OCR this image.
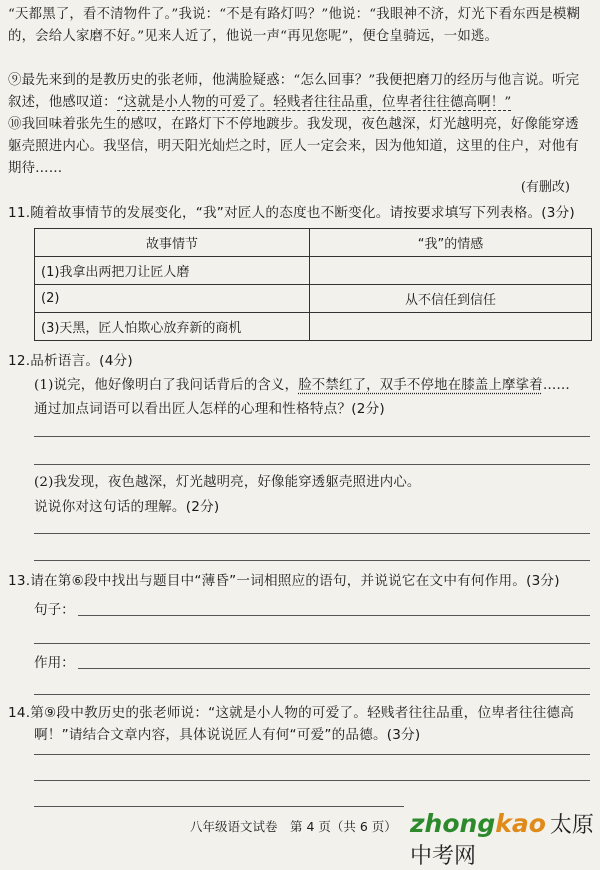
“天都黑了，看不清物件了。”我说：“不是有路灯吗？”他说：“我眼神不济，灯光下看东西是模糊的，会给人家磨不好。”见来人近了，他说一声“再见您呢”，便仓皇骑远，一如逃。
⑨最先来到的是教历史的张老师，他满脸疑惑：“怎么回事？”我便把磨刀的经历与他言说。听完叙述，他感叹道：“这就是小人物的可爱了。轻贱者往往品重，位卑者往往德高啊！”
⑩我回味着张先生的感叹，在路灯下不停地踱步。我发现，夜色越深，灯光越明亮，好像能穿透躯壳照进内心。我坚信，明天阳光灿烂之时，匠人一定会来，因为他知道，这里的住户，对他有期待……
(有删改)
11.随着故事情节的发展变化，“我”对匠人的态度也不断变化。请按要求填写下列表格。(3分)
故事情节	“我”的情感
(1)我拿出两把刀让匠人磨	
(2)	从不信任到信任
(3)天黑，匠人怕欺心放弃新的商机	
12.品析语言。(4分)
(1)说完，他好像明白了我问话背后的含义，脸不禁红了，双手不停地在膝盖上摩挲着……
通过加点词语可以看出匠人怎样的心理和性格特点？(2分)
(2)我发现，夜色越深，灯光越明亮，好像能穿透躯壳照进内心。
说说你对这句话的理解。(2分)
13.请在第⑥段中找出与题目中“薄昏”一词相照应的语句，并说说它在文中有何作用。(3分)
句子：
作用：
14.第⑨段中教历史的张老师说：“这就是小人物的可爱了。轻贱者往往品重，位卑者往往德高
啊！”请结合文章内容，具体说说匠人有何“可爱”的品德。(3分)
八年级语文试卷　第 4 页（共 6 页） zhongkao 太原中考网
